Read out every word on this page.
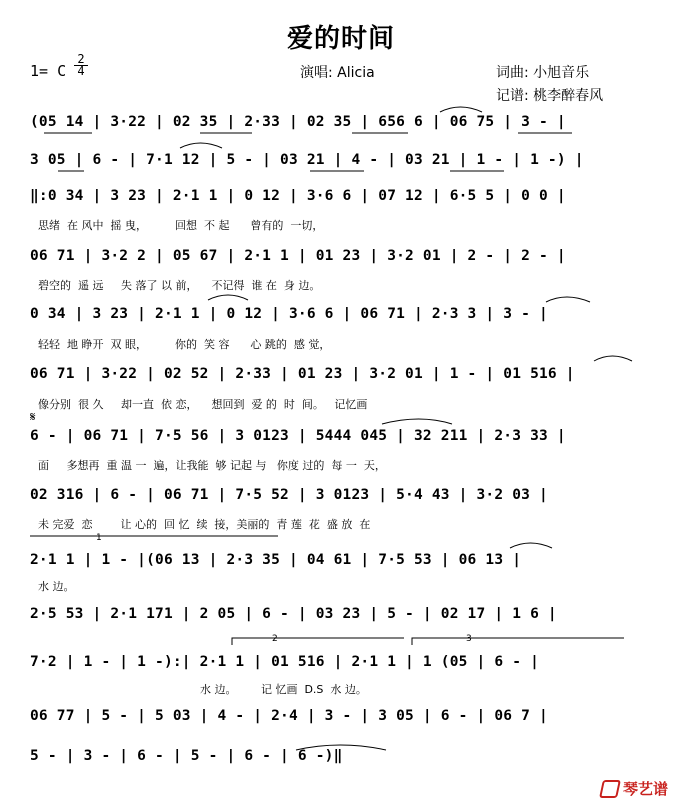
爱的时间
1= C
2
4	演唱: Alicia	词曲: 小旭音乐
记谱: 桃李醉春风
(05 14 | 3·22 | 02 35 | 2·33 | 02 35 | 656 6 | 06 75 | 3 - |
3 05 | 6 - | 7·1 12 | 5 - | 03 21 | 4 - | 03 21 | 1 - | 1 -) |
‖:0 34 | 3 23 | 2·1 1 | 0 12 | 3·6 6 | 07 12 | 6·5 5 | 0 0 |
思绪  在 风中  摇 曳，        回想  不 起      曾有的  一切，
06 71 | 3·2 2 | 05 67 | 2·1 1 | 01 23 | 3·2 01 | 2 - | 2 - |
碧空的  遥 远     失 落了 以 前，    不记得  谁 在  身 边。
0 34 | 3 23 | 2·1 1 | 0 12 | 3·6 6 | 06 71 | 2·3 3 | 3 - |
轻轻  地 睁开  双 眼，        你的  笑 容      心 跳的  感 觉，
06 71 | 3·22 | 02 52 | 2·33 | 01 23 | 3·2 01 | 1 - | 01 516 |
像分别  很 久     却一直  依 恋，    想回到  爱 的  时  间。   记忆画
𝄋
6 - | 06 71 | 7·5 56 | 3 0123 | 5444 045 | 32 211 | 2·3 33 |
面     多想再  重 温 一  遍，让我能  够 记起 与   你度 过的  每 一  天，
02 316 | 6 - | 06 71 | 7·5 52 | 3 0123 | 5·4 43 | 3·2 03 |
未 完爱  恋        让 心的  回 忆  续  接，美丽的  青 莲  花  盛 放  在
1
2·1 1 | 1 - |(06 13 | 2·3 35 | 04 61 | 7·5 53 | 06 13 |
水 边。
2·5 53 | 2·1 171 | 2 05 | 6 - | 03 23 | 5 - | 02 17 | 1 6 |
2	3
7·2 | 1 - | 1 -):| 2·1 1 | 01 516 | 2·1 1 | 1 (05 | 6 - |
水 边。       记 忆画  D.S  水 边。
06 77 | 5 - | 5 03 | 4 - | 2·4 | 3 - | 3 05 | 6 - | 06 7 |
5 - | 3 - | 6 - | 5 - | 6 - | 6 -)‖
琴艺谱
